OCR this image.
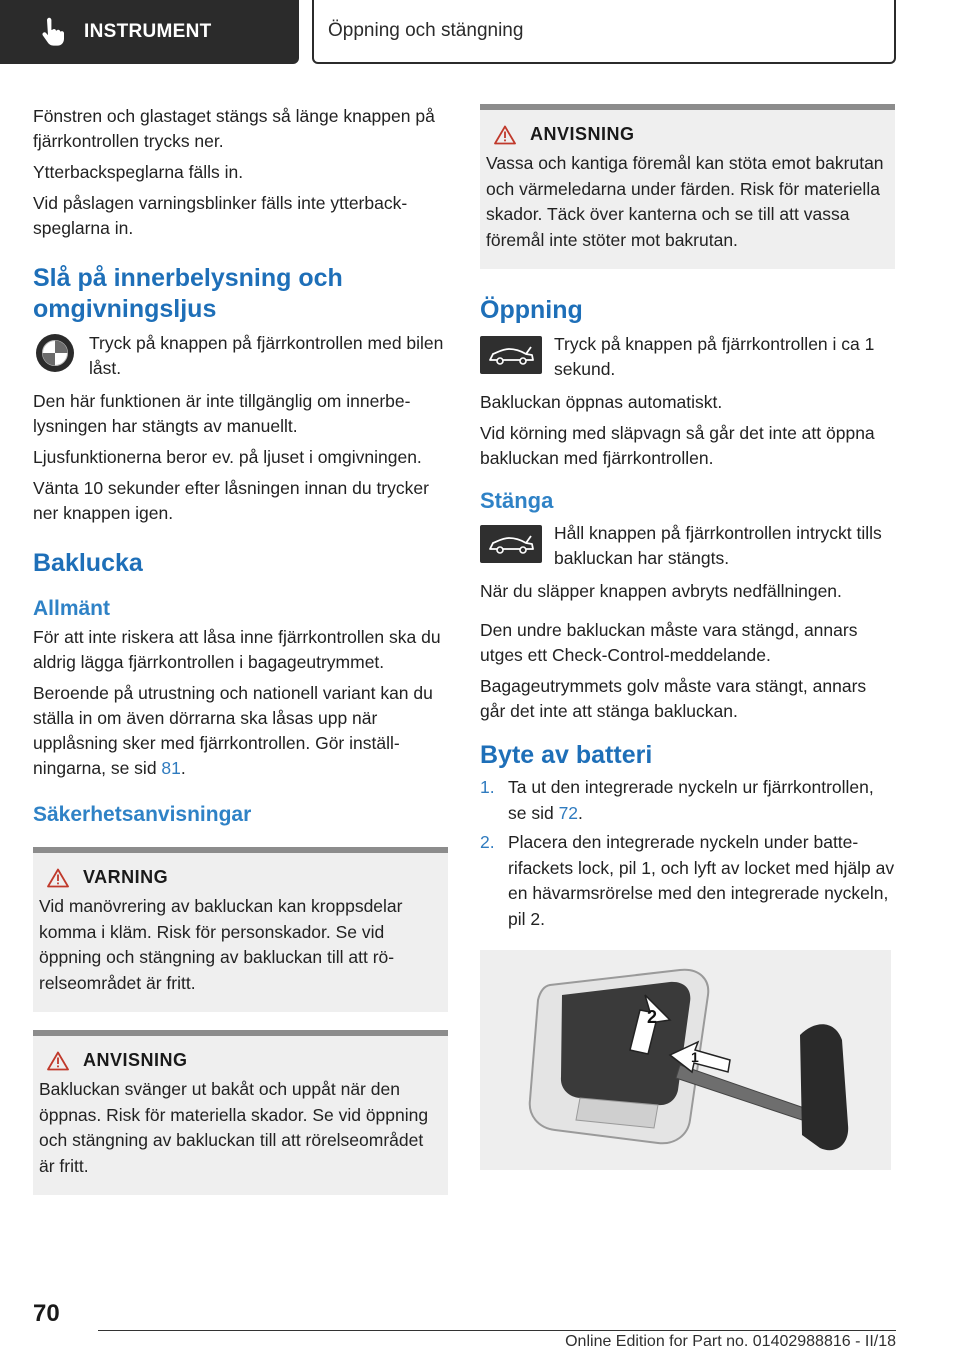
INSTRUMENT	Öppning och stängning

Fönstren och glastaget stängs så länge knappen på fjärrkontrollen trycks ner.

Ytterbackspeglarna fälls in.

Vid påslagen varningsblinker fälls inte ytterbackspeglarna in.

Slå på innerbelysning och omgivningsljus
Tryck på knappen på fjärrkontrollen med bilen låst.

Den här funktionen är inte tillgänglig om innerbelysningen har stängts av manuellt.

Ljusfunktionerna beror ev. på ljuset i omgivningen.

Vänta 10 sekunder efter låsningen innan du trycker ner knappen igen.

Baklucka
Allmänt

För att inte riskera att låsa inne fjärrkontrollen ska du aldrig lägga fjärrkontrollen i bagageutrymmet.

Beroende på utrustning och nationell variant kan du ställa in om även dörrarna ska låsas upp när upplåsning sker med fjärrkontrollen. Gör inställningarna, se sid 81.

Säkerhetsanvisningar
VARNING
Vid manövrering av bakluckan kan kroppsdelar komma i kläm. Risk för personskador. Se vid öppning och stängning av bakluckan till att rörelseområdet är fritt.
ANVISNING
Bakluckan svänger ut bakåt och uppåt när den öppnas. Risk för materiella skador. Se vid öppning och stängning av bakluckan till att rörelseområdet är fritt.
ANVISNING
Vassa och kantiga föremål kan stöta emot bakrutan och värmeledarna under färden. Risk för materiella skador. Täck över kanterna och se till att vassa föremål inte stöter mot bakrutan.
Öppning
Tryck på knappen på fjärrkontrollen i ca 1 sekund.

Bakluckan öppnas automatiskt.

Vid körning med släpvagn så går det inte att öppna bakluckan med fjärrkontrollen.

Stänga
Håll knappen på fjärrkontrollen intryckt tills bakluckan har stängts.

När du släpper knappen avbryts nedfällningen.

Den undre bakluckan måste vara stängd, annars utges ett Check-Control-meddelande.

Bagageutrymmets golv måste vara stängt, annars går det inte att stänga bakluckan.

Byte av batteri
1. Ta ut den integrerade nyckeln ur fjärrkontrollen, se sid 72.
2. Placera den integrerade nyckeln under batterifackets lock, pil 1, och lyft av locket med hjälp av en hävarmsrörelse med den integrerade nyckeln, pil 2.
2
1
70
Online Edition for Part no. 01402988816 - II/18
